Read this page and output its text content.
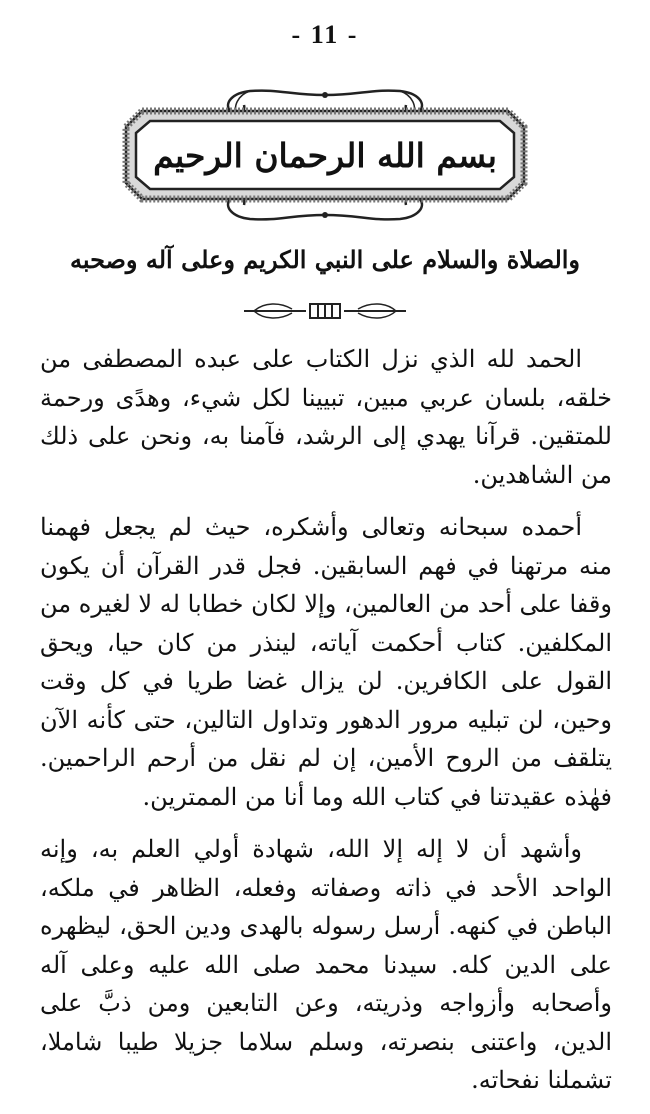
- 11 -
بسم الله الرحمان الرحيم
والصلاة والسلام على النبي الكريم وعلى آله وصحبه

الحمد لله الذي نزل الكتاب على عبده المصطفى من خلقه، بلسان عربي مبين، تبيينا لكل شيء، وهدًى ورحمة للمتقين. قرآنا يهدي إلى الرشد، فآمنا به، ونحن على ذلك من الشاهدين.

أحمده سبحانه وتعالى وأشكره، حيث لم يجعل فهمنا منه مرتهنا في فهم السابقين. فجل قدر القرآن أن يكون وقفا على أحد من العالمين، وإلا لكان خطابا له لا لغيره من المكلفين. كتاب أحكمت آياته، لينذر من كان حيا، ويحق القول على الكافرين. لن يزال غضا طريا في كل وقت وحين، لن تبليه مرور الدهور وتداول التالين، حتى كأنه الآن يتلقف من الروح الأمين، إن لم نقل من أرحم الراحمين. فهٰذه عقيدتنا في كتاب الله وما أنا من الممترين.

وأشهد أن لا إله إلا الله، شهادة أولي العلم به، وإنه الواحد الأحد في ذاته وصفاته وفعله، الظاهر في ملكه، الباطن في كنهه. أرسل رسوله بالهدى ودين الحق، ليظهره على الدين كله. سيدنا محمد صلى الله عليه وعلى آله وأصحابه وأزواجه وذريته، وعن التابعين ومن ذبَّ على الدين، واعتنى بنصرته، وسلم سلاما جزيلا طيبا شاملا، تشملنا نفحاته.
